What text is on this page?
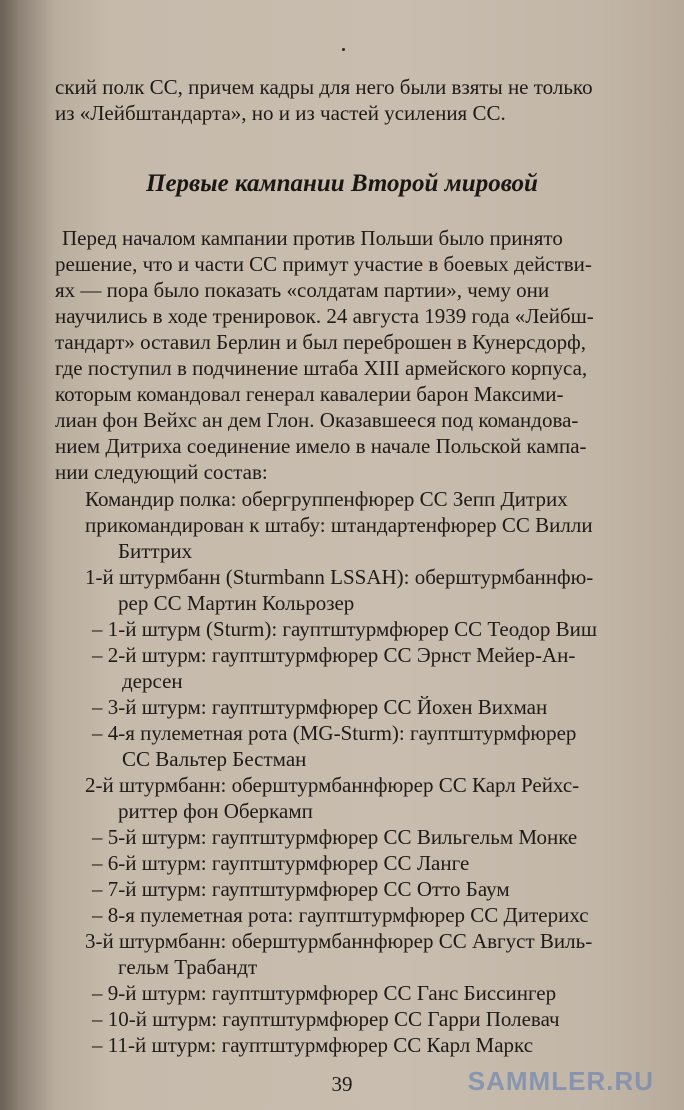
ский полк СС, причем кадры для него были взяты не только
из «Лейбштандарта», но и из частей усиления СС.
Первые кампании Второй мировой
Перед началом кампании против Польши было принято
решение, что и части СС примут участие в боевых действи-
ях — пора было показать «солдатам партии», чему они
научились в ходе тренировок. 24 августа 1939 года «Лейбш-
тандарт» оставил Берлин и был переброшен в Кунерсдорф,
где поступил в подчинение штаба XIII армейского корпуса,
которым командовал генерал кавалерии барон Максими-
лиан фон Вейхс ан дем Глон. Оказавшееся под командова-
нием Дитриха соединение имело в начале Польской кампа-
нии следующий состав:
Командир полка: обергруппенфюрер СС Зепп Дитрих
прикомандирован к штабу: штандартенфюрер СС Вилли
Биттрих
1-й штурмбанн (Sturmbann LSSAH): оберштурмбаннфю-
рер СС Мартин Кольрозер
– 1-й штурм (Sturm): гауптштурмфюрер СС Теодор Виш
– 2-й штурм: гауптштурмфюрер СС Эрнст Мейер-Ан-
дерсен
– 3-й штурм: гауптштурмфюрер СС Йохен Вихман
– 4-я пулеметная рота (MG-Sturm): гауптштурмфюрер
СС Вальтер Бестман
2-й штурмбанн: оберштурмбаннфюрер СС Карл Рейхс-
риттер фон Оберкамп
– 5-й штурм: гауптштурмфюрер СС Вильгельм Монке
– 6-й штурм: гауптштурмфюрер СС Ланге
– 7-й штурм: гауптштурмфюрер СС Отто Баум
– 8-я пулеметная рота: гауптштурмфюрер СС Дитерихс
3-й штурмбанн: оберштурмбаннфюрер СС Август Виль-
гельм Трабандт
– 9-й штурм: гауптштурмфюрер СС Ганс Биссингер
– 10-й штурм: гауптштурмфюрер СС Гарри Полевач
– 11-й штурм: гауптштурмфюрер СС Карл Маркс
39	SAMMLER.RU
